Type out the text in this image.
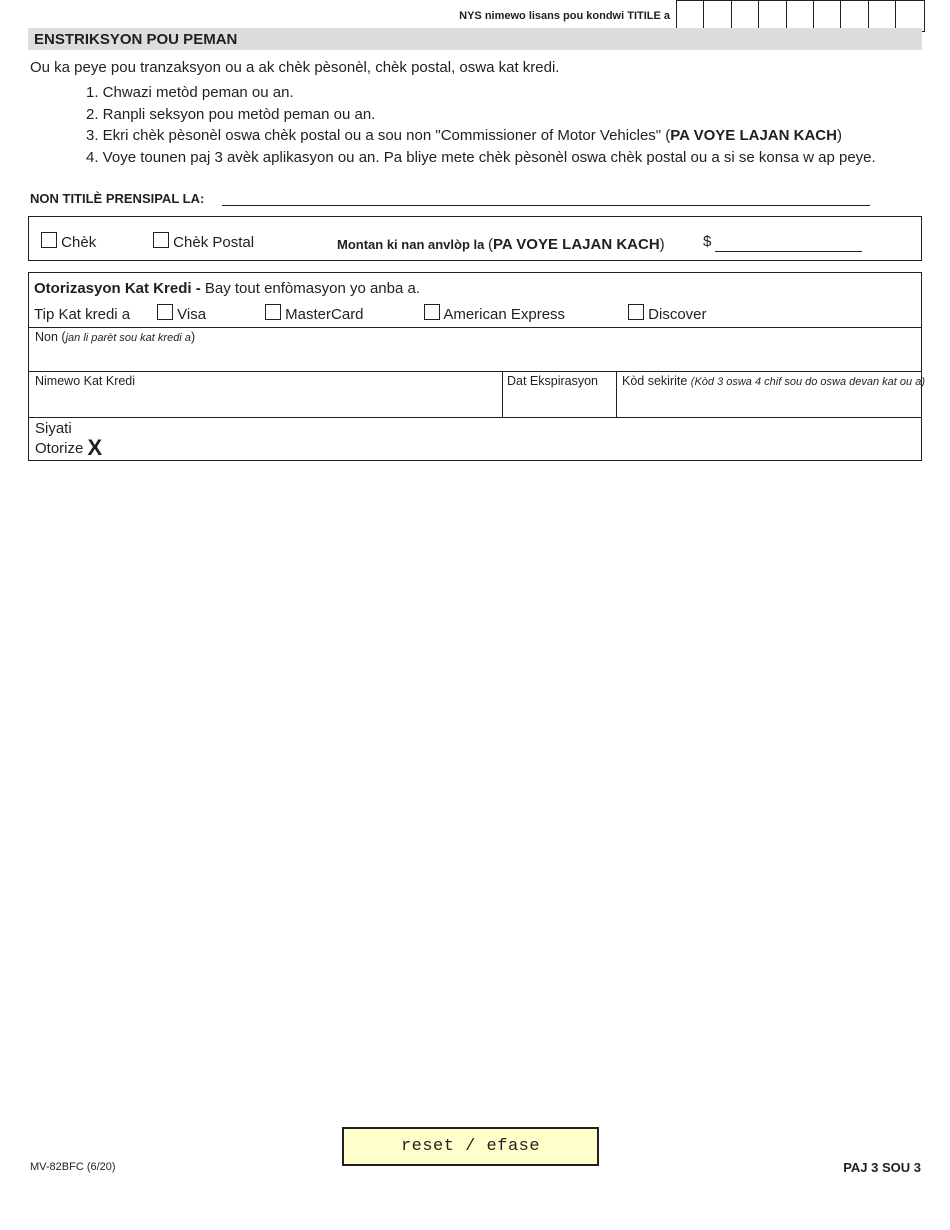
NYS nimewo lisans pou kondwi TITILE a
ENSTRIKSYON POU PEMAN

Ou ka peye pou tranzaksyon ou a ak chèk pèsonèl, chèk postal, oswa kat kredi.

1. Chwazi metòd peman ou an.
2. Ranpli seksyon pou metòd peman ou an.
3. Ekri chèk pèsonèl oswa chèk postal ou a sou non "Commissioner of Motor Vehicles" (PA VOYE LAJAN KACH)
4. Voye tounen paj 3 avèk aplikasyon ou an. Pa bliye mete chèk pèsonèl oswa chèk postal ou a si se konsa w ap peye.
NON TITILÈ PRENSIPAL LA:
Chèk	Chèk Postal	Montan ki nan anvlòp la (PA VOYE LAJAN KACH)	$
Otorizasyon Kat Kredi - Bay tout enfòmasyon yo anba a.
Tip Kat kredi a	Visa	MasterCard	American Express	Discover
Non (jan li parèt sou kat kredi a)
Nimewo Kat Kredi	Dat Ekspirasyon Kòd sekirite (Kòd 3 oswa 4 chif sou do oswa devan kat ou a)
Siyati
Otorize X
reset / efase
MV-82BFC (6/20)	PAJ 3 SOU 3
